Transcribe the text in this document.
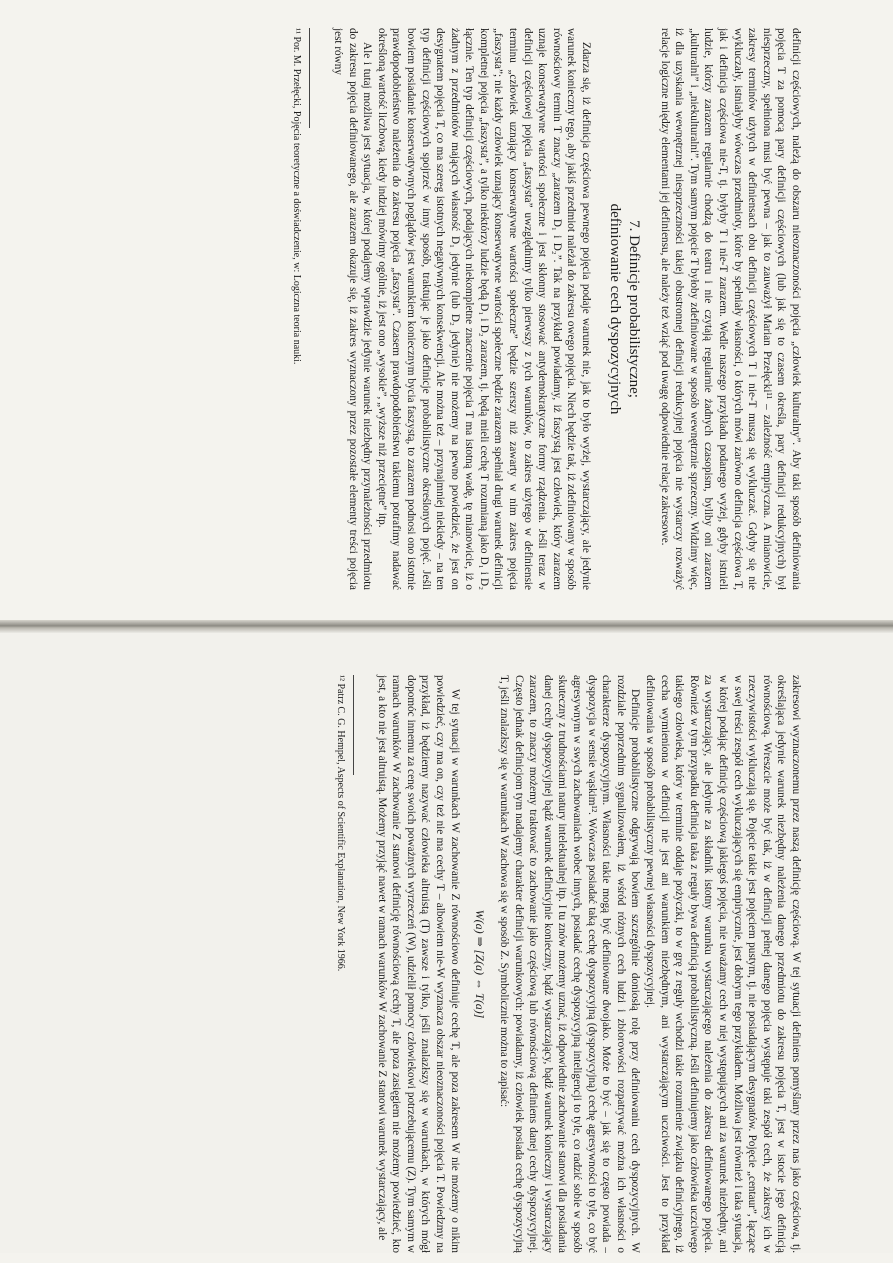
definicji częściowych, należą do obszaru nieoznaczoności pojęcia „człowiek kulturalny”. Aby taki sposób definiowania pojęcia T za pomocą pary definicji częściowych (lub jak się to czasem określa, pary definicji redukcyjnych) był niesprzeczny, spełniona musi być pewna – jak to zauważył Marian Przełęcki¹¹ – zależność empiryczna. A mianowicie, zakresy terminów użytych w definiensach obu definicji częściowych T i nie-T muszą się wykluczać. Gdyby się nie wykluczały, istniałyby wówczas przedmioty, które by spełniały własności, o których mówi zarówno definicja częściowa T, jak i definicja częściowa nie-T, tj. byłyby T i nie-T zarazem. Wedle naszego przykładu podanego wyżej, gdyby istnieli ludzie, którzy zarazem regularnie chodzą do teatru i nie czytają regularnie żadnych czasopism, byliby oni zarazem „kulturalni” i „niekulturalni”. Tym samym pojęcie T byłoby zdefiniowane w sposób wewnętrznie sprzeczny. Widzimy więc, iż dla uzyskania wewnętrznej niesprzeczności takiej obustronnej definicji redukcyjnej pojęcia nie wystarczy rozważyć relacje logiczne między elementami jej definiensu, ale należy też wziąć pod uwagę odpowiednie relacje zakresowe.

7. Definicje probabilistyczne;
definiowanie cech dyspozycyjnych

Zdarza się, iż definicja częściowa pewnego pojęcia podaje warunek nie, jak to było wyżej, wystarczający, ale jedynie warunek konieczny tego, aby jakiś przedmiot należał do zakresu owego pojęcia. Niech będzie tak, iż zdefiniowany w sposób równościowy termin T znaczy „zarazem D₁ i D₂”. Tak na przykład powiadamy, iż faszystą jest człowiek, który zarazem uznaje konserwatywne wartości społeczne i jest skłonny stosować antydemokratyczne formy rządzenia. Jeśli teraz w definicji częściowej pojęcia „faszysta” uwzględnimy tylko pierwszy z tych warunków, to zakres użytego w definiensie terminu „człowiek uznający konserwatywne wartości społeczne” będzie szerszy niż zawarty w nim zakres pojęcia „faszysta”; nie każdy człowiek uznający konserwatywne wartości społeczne będzie zarazem spełniał drugi warunek definicji kompletnej pojęcia „faszysta”, a tylko niektórzy ludzie będą D₁ i D₂ zarazem, tj. będą mieli cechę T rozumianą jako D₁ i D₂ łącznie. Ten typ definicji częściowych, podających niekompletne znaczenie pojęcia T ma istotną wadę, tę mianowicie, iż o żadnym z przedmiotów mających własność D₁ jedynie (lub D₂ jedynie) nie możemy na pewno powiedzieć, że jest on desygnatem pojęcia T, co ma szereg istotnych negatywnych konsekwencji. Ale można też – przynajmniej niekiedy – na ten typ definicji częściowych spojrzeć w inny sposób, traktując je jako definicje probabilistyczne określonych pojęć. Jeśli bowiem posiadanie konserwatywnych poglądów jest warunkiem koniecznym bycia faszystą, to zarazem podnosi ono istotnie prawdopodobieństwo należenia do zakresu pojęcia „faszysta”. Czasem prawdopodobieństwu takiemu potrafimy nadawać określoną wartość liczbową, kiedy indziej mówimy ogólnie, iż jest ono „wysokie”, „wyższe niż przeciętne” itp.

Ale i tutaj możliwa jest sytuacja, w której podajemy wprawdzie jedynie warunek niezbędny przynależności przedmiotu do zakresu pojęcia definiowanego, ale zarazem okazuje się, iż zakres wyznaczony przez pozostałe elementy treści pojęcia jest równy

¹¹ Por. M. Przełęcki, Pojęcia teoretyczne a doświadczenie, w: Logiczna teoria nauki.

zakresowi wyznaczonemu przez naszą definicję częściową. W tej sytuacji definiens pomyślany przez nas jako częściowa, tj. określająca jedynie warunek niezbędny należenia danego przedmiotu do zakresu pojęcia T, jest w istocie jego definicją równościową. Wreszcie może być tak, iż w definicji pełnej danego pojęcia występuje taki zespół cech, że zakresy ich w rzeczywistości wykluczają się. Pojęcie takie jest pojęciem pustym, tj. nie posiadającym desygnatów. Pojęcie „centaur”, łączące w swej treści zespół cech wykluczających się empirycznie, jest dobrym tego przykładem. Możliwa jest również i taka sytuacja, w której podając definicję częściową jakiegoś pojęcia, nie uważamy cech w niej występujących ani za warunek niezbędny, ani za wystarczający, ale jedynie za składnik istotny warunku wystarczającego należenia do zakresu definiowanego pojęcia. Również w tym przypadku definicja taka z reguły bywa definicją probabilistyczną. Jeśli definiujemy jako człowieka uczciwego takiego człowieka, który w terminie oddaje pożyczki, to w grę z reguły wchodzi takie rozumienie związku definicyjnego, iż cecha wymieniona w definicji nie jest ani warunkiem niezbędnym, ani wystarczającym uczciwości. Jest to przykład definiowania w sposób probabilistyczny pewnej własności dyspozycyjnej.

Definicje probabilistyczne odgrywają bowiem szczególnie doniosłą rolę przy definiowaniu cech dyspozycyjnych. W rozdziale poprzednim sygnalizowałem, iż wśród różnych cech ludzi i zbiorowości rozpatrywać można ich własności o charakterze dyspozycyjnym. Własności takie mogą być definiowane dwojako. Może to być – jak się to często powiada – dyspozycja w sensie wąskim¹². Wówczas posiadać taką cechę dyspozycyjną (dyspozycyjną) cechę agresywności to tyle, co być agresywnym w swych zachowaniach wobec innych, posiadać cechę dyspozycyjną inteligencji to tyle, co radzić sobie w sposób skuteczny z trudnościami natury intelektualnej itp. I tu znów możemy uznać, iż odpowiednie zachowanie stanowi dla posiadania danej cechy dyspozycyjnej bądź warunek definicyjnie konieczny, bądź wystarczający, bądź warunek konieczny i wystarczający zarazem, to znaczy możemy traktować to zachowanie jako częściową lub równościową definiens danej cechy dyspozycyjnej. Często jednak definicjom tym nadajemy charakter definicji warunkowych: powiadamy, iż człowiek posiada cechę dyspozycyjną T, jeśli znalazłszy się w warunkach W zachowa się w sposób Z. Symbolicznie można to zapisać:

W(a) ⇒ [Z(a) ⇔ T(a)]

W tej sytuacji w warunkach W zachowanie Z równościowo definiuje cechę T, ale poza zakresem W nie możemy o nikim powiedzieć, czy ma on, czy też nie ma cechy T – albowiem nie-W wyznacza obszar nieoznaczoności pojęcia T. Powiedzmy na przykład, iż będziemy nazywać człowieka altruistą (T) zawsze i tylko, jeśli znalazłszy się w warunkach, w których mógł dopomóc innemu za cenę swoich poważnych wyrzeczeń (W), udzielił pomocy człowiekowi potrzebującemu (Z). Tym samym w ramach warunków W zachowanie Z stanowi definicję równościową cechy T, ale poza zasięgiem nie możemy powiedzieć, kto jest, a kto nie jest altruistą. Możemy przyjąć nawet w ramach warunków W zachowanie Z stanowi warunek wystarczający, ale

¹² Patrz C. G. Hempel, Aspects of Scientific Explanation, New York 1966.
